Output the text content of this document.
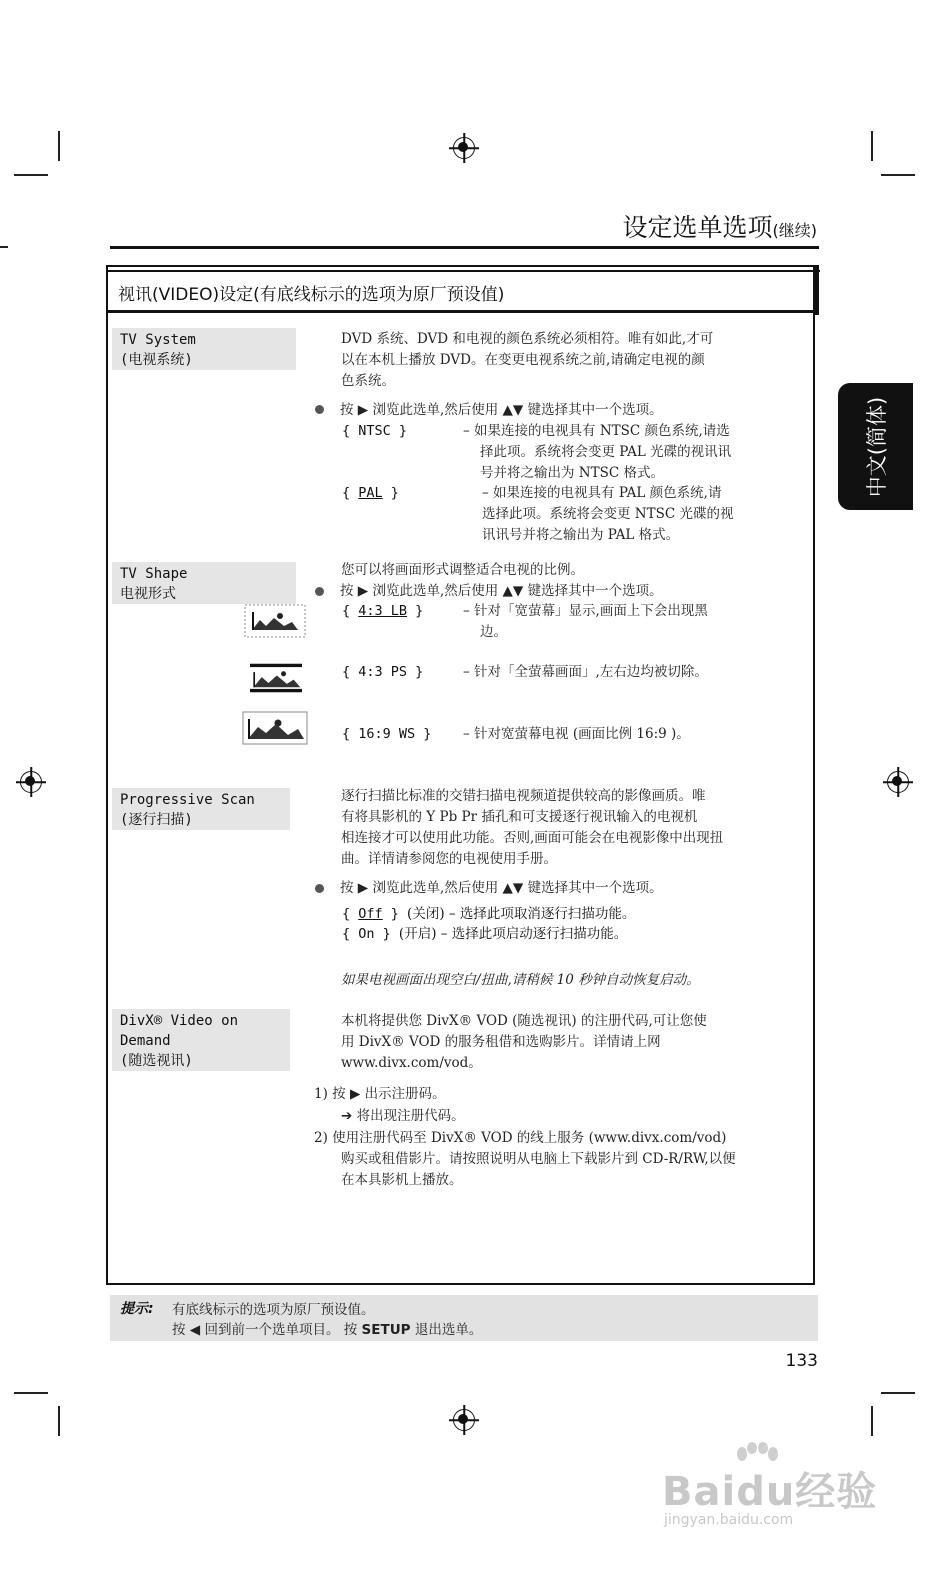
设定选单选项(继续)
中文(简体)
视讯(VIDEO)设定(有底线标示的选项为原厂预设值)
TV System
(电视系统)
DVD 系统、DVD 和电视的颜色系统必须相符。唯有如此,才可
以在本机上播放 DVD。在变更电视系统之前,请确定电视的颜
色系统。
按 ▶ 浏览此选单,然后使用 ▲▼ 键选择其中一个选项。
{ NTSC }	– 如果连接的电视具有 NTSC 颜色系统,请选
择此项。系统将会变更 PAL 光碟的视讯讯
号并将之输出为 NTSC 格式。
{ PAL }	– 如果连接的电视具有 PAL 颜色系统,请
选择此项。系统将会变更 NTSC 光碟的视
讯讯号并将之输出为 PAL 格式。
TV Shape
电视形式
您可以将画面形式调整适合电视的比例。
按 ▶ 浏览此选单,然后使用 ▲▼ 键选择其中一个选项。
{ 4:3 LB }	– 针对「宽萤幕」显示,画面上下会出现黑
边。
{ 4:3 PS }	– 针对「全萤幕画面」,左右边均被切除。
{ 16:9 WS } – 针对宽萤幕电视 (画面比例 16:9 )。
Progressive Scan
(逐行扫描)
逐行扫描比标准的交错扫描电视频道提供较高的影像画质。唯
有将具影机的 Y Pb Pr 插孔和可支援逐行视讯输入的电视机
相连接才可以使用此功能。否则,画面可能会在电视影像中出现扭
曲。详情请参阅您的电视使用手册。
按 ▶ 浏览此选单,然后使用 ▲▼ 键选择其中一个选项。
{ Off } (关闭) – 选择此项取消逐行扫描功能。
{ On } (开启) – 选择此项启动逐行扫描功能。
如果电视画面出现空白/扭曲,请稍候 10 秒钟自动恢复启动。
DivX® Video on
Demand
(随选视讯)
本机将提供您 DivX® VOD (随选视讯) 的注册代码,可让您使
用 DivX® VOD 的服务租借和选购影片。详情请上网
www.divx.com/vod。
1) 按 ▶ 出示注册码。
➔ 将出现注册代码。
2) 使用注册代码至 DivX® VOD 的线上服务 (www.divx.com/vod)
购买或租借影片。请按照说明从电脑上下载影片到 CD-R/RW,以便
在本具影机上播放。
提示: 有底线标示的选项为原厂预设值。
按 ◀ 回到前一个选单项目。 按 SETUP 退出选单。
133
Baidu经验
jingyan.baidu.com
